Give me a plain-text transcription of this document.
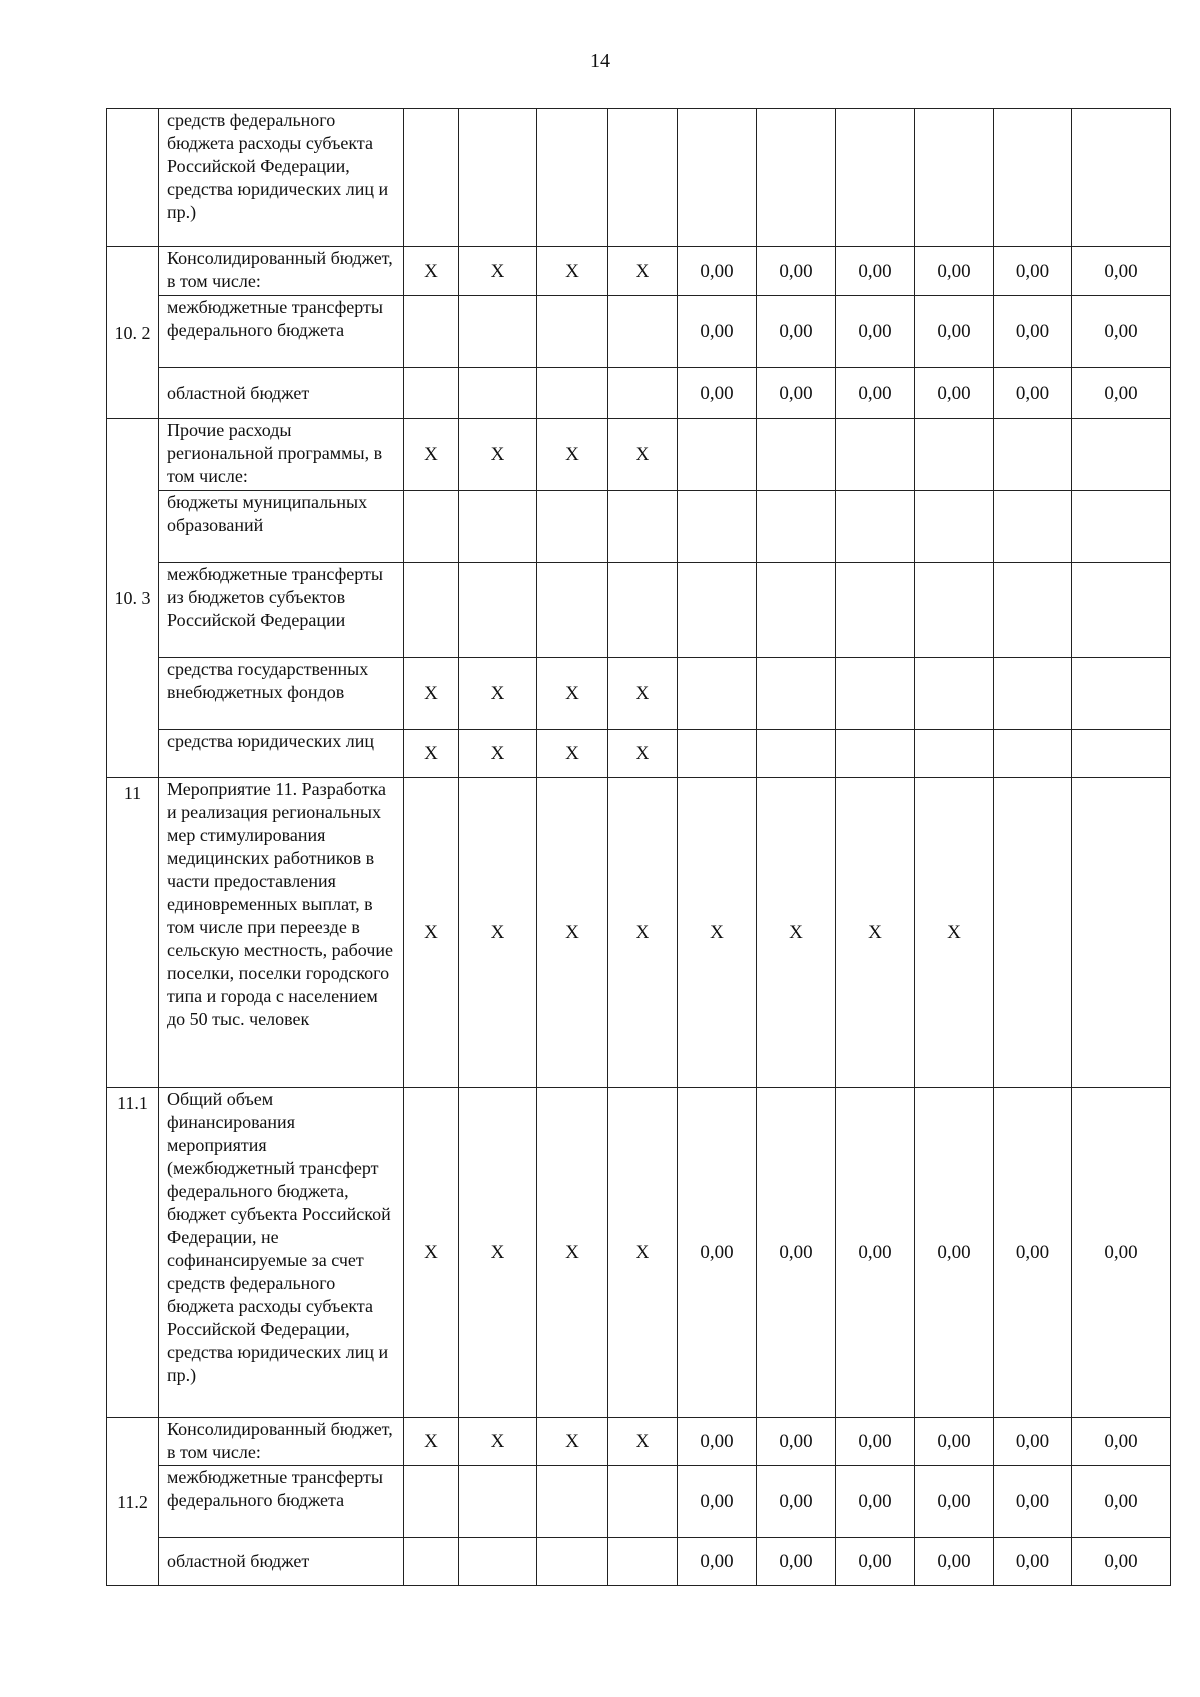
14
	средств федерального бюджета расходы субъекта Российской Федерации, средства юридических лиц и пр.)										
10. 2	Консолидированный бюджет, в том числе:	Х	Х	Х	Х	0,00	0,00	0,00	0,00	0,00	0,00
	межбюджетные трансферты федерального бюджета					0,00	0,00	0,00	0,00	0,00	0,00
	областной бюджет					0,00	0,00	0,00	0,00	0,00	0,00
10. 3	Прочие расходы региональной программы, в том числе:	Х	Х	Х	Х						
	бюджеты муниципальных образований										
	межбюджетные трансферты из бюджетов субъектов Российской Федерации										
	средства государственных внебюджетных фондов	Х	Х	Х	Х						
	средства юридических лиц	Х	Х	Х	Х						
11	Мероприятие 11. Разработка и реализация региональных мер стимулирования медицинских работников в части предоставления единовременных выплат, в том числе при переезде в сельскую местность, рабочие поселки, поселки городского типа и города с населением до 50 тыс. человек	Х	Х	Х	Х	Х	Х	Х	Х		
11.1	Общий объем финансирования мероприятия (межбюджетный трансферт федерального бюджета, бюджет субъекта Российской Федерации, не софинансируемые за счет средств федерального бюджета расходы субъекта Российской Федерации, средства юридических лиц и пр.)	Х	Х	Х	Х	0,00	0,00	0,00	0,00	0,00	0,00
11.2	Консолидированный бюджет, в том числе:	Х	Х	Х	Х	0,00	0,00	0,00	0,00	0,00	0,00
	межбюджетные трансферты федерального бюджета					0,00	0,00	0,00	0,00	0,00	0,00
	областной бюджет					0,00	0,00	0,00	0,00	0,00	0,00
